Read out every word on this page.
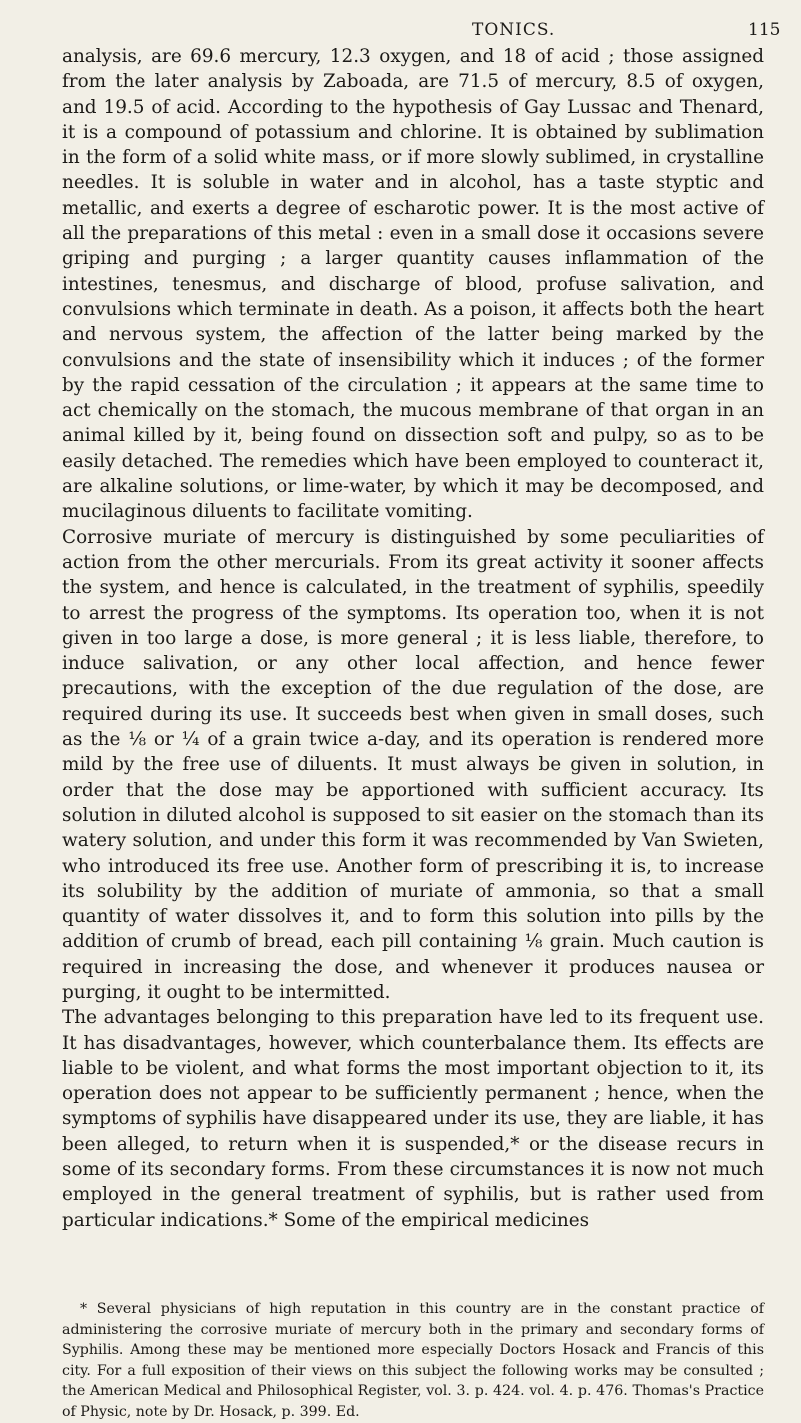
TONICS.	115

analysis, are 69.6 mercury, 12.3 oxygen, and 18 of acid ; those assigned from the later analysis by Zaboada, are 71.5 of mercury, 8.5 of oxygen, and 19.5 of acid. According to the hypothesis of Gay Lussac and Thenard, it is a compound of potassium and chlorine. It is obtained by sublimation in the form of a solid white mass, or if more slowly sublimed, in crystalline needles. It is soluble in water and in alcohol, has a taste styptic and metallic, and exerts a degree of escharotic power. It is the most active of all the preparations of this metal : even in a small dose it occasions severe griping and purging ; a larger quantity causes inflammation of the intestines, tenesmus, and discharge of blood, profuse salivation, and convulsions which terminate in death. As a poison, it affects both the heart and nervous system, the affection of the latter being marked by the convulsions and the state of insensibility which it induces ; of the former by the rapid cessation of the circulation ; it appears at the same time to act chemically on the stomach, the mucous membrane of that organ in an animal killed by it, being found on dissection soft and pulpy, so as to be easily detached. The remedies which have been employed to counteract it, are alkaline solutions, or lime-water, by which it may be decomposed, and mucilaginous diluents to facilitate vomiting.

Corrosive muriate of mercury is distinguished by some peculiarities of action from the other mercurials. From its great activity it sooner affects the system, and hence is calculated, in the treatment of syphilis, speedily to arrest the progress of the symptoms. Its operation too, when it is not given in too large a dose, is more general ; it is less liable, therefore, to induce salivation, or any other local affection, and hence fewer precautions, with the exception of the due regulation of the dose, are required during its use. It succeeds best when given in small doses, such as the ⅛ or ¼ of a grain twice a-day, and its operation is rendered more mild by the free use of diluents. It must always be given in solution, in order that the dose may be apportioned with sufficient accuracy. Its solution in diluted alcohol is supposed to sit easier on the stomach than its watery solution, and under this form it was recommended by Van Swieten, who introduced its free use. Another form of prescribing it is, to increase its solubility by the addition of muriate of ammonia, so that a small quantity of water dissolves it, and to form this solution into pills by the addition of crumb of bread, each pill containing ⅛ grain. Much caution is required in increasing the dose, and whenever it produces nausea or purging, it ought to be intermitted.

The advantages belonging to this preparation have led to its frequent use. It has disadvantages, however, which counterbalance them. Its effects are liable to be violent, and what forms the most important objection to it, its operation does not appear to be sufficiently permanent ; hence, when the symptoms of syphilis have disappeared under its use, they are liable, it has been alleged, to return when it is suspended,* or the disease recurs in some of its secondary forms. From these circumstances it is now not much employed in the general treatment of syphilis, but is rather used from particular indications.* Some of the empirical medicines

* Several physicians of high reputation in this country are in the constant practice of administering the corrosive muriate of mercury both in the primary and secondary forms of Syphilis. Among these may be mentioned more especially Doctors Hosack and Francis of this city. For a full exposition of their views on this subject the following works may be consulted ; the American Medical and Philosophical Register, vol. 3. p. 424. vol. 4. p. 476. Thomas's Practice of Physic, note by Dr. Hosack, p. 399. Ed.
